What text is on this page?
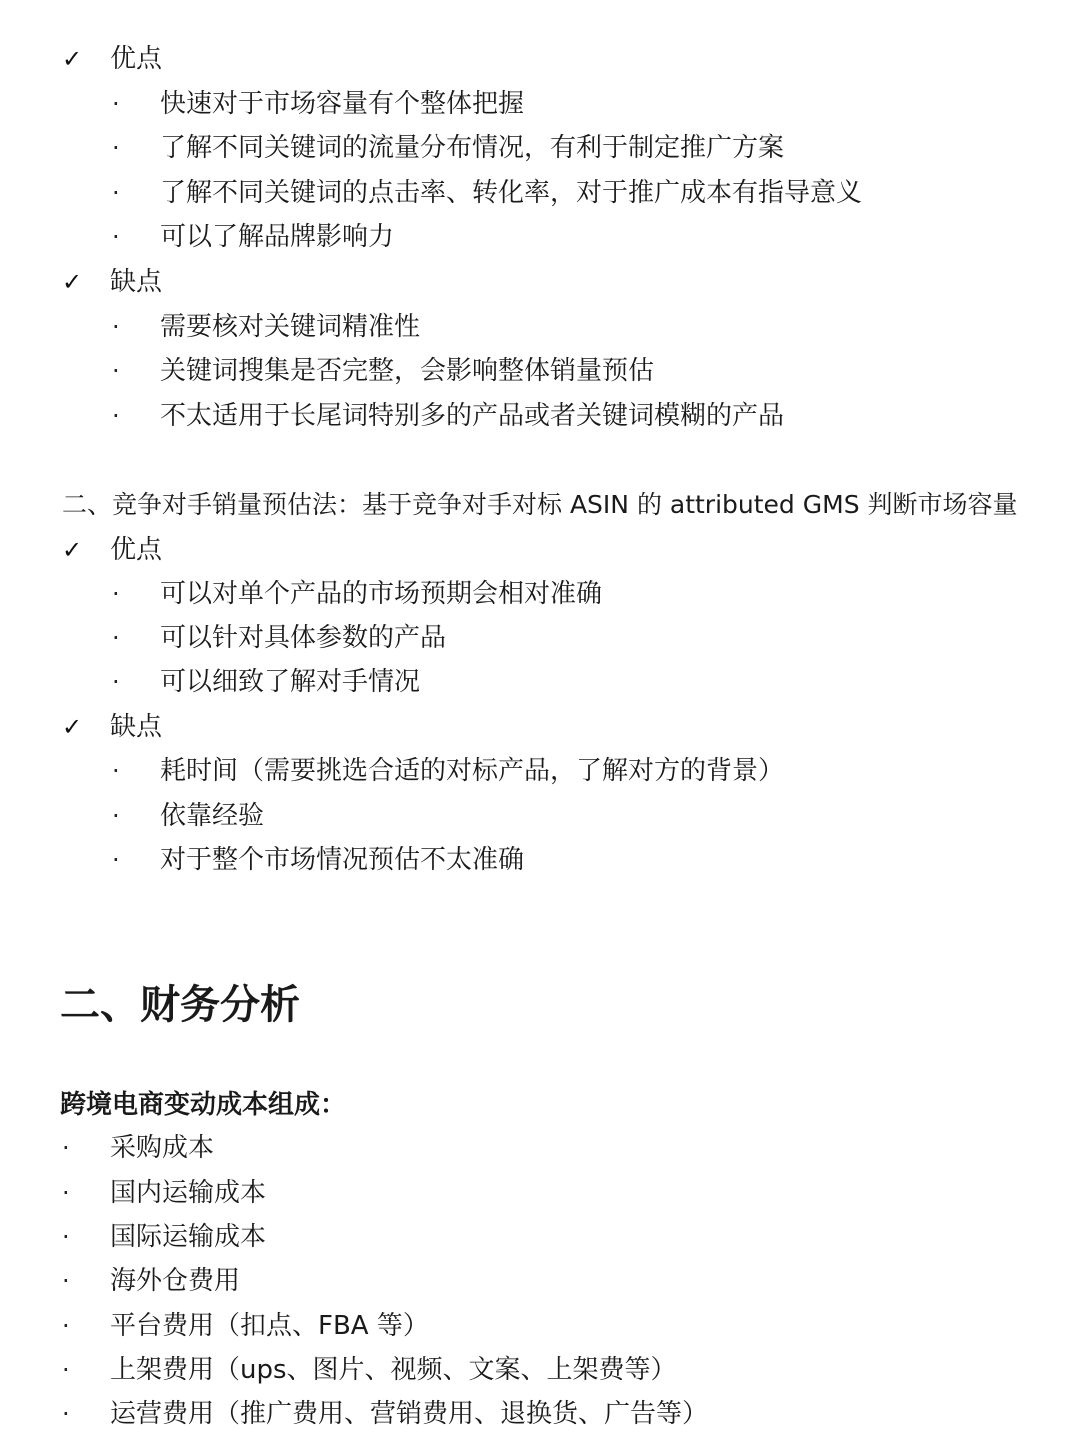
✓ 优点
· 快速对于市场容量有个整体把握
· 了解不同关键词的流量分布情况，有利于制定推广方案
· 了解不同关键词的点击率、转化率，对于推广成本有指导意义
· 可以了解品牌影响力
✓ 缺点
· 需要核对关键词精准性
· 关键词搜集是否完整，会影响整体销量预估
· 不太适用于长尾词特别多的产品或者关键词模糊的产品
二、竞争对手销量预估法：基于竞争对手对标 ASIN 的 attributed GMS 判断市场容量
✓ 优点
· 可以对单个产品的市场预期会相对准确
· 可以针对具体参数的产品
· 可以细致了解对手情况
✓ 缺点
· 耗时间（需要挑选合适的对标产品，了解对方的背景）
· 依靠经验
· 对于整个市场情况预估不太准确
二、财务分析
跨境电商变动成本组成：
· 采购成本
· 国内运输成本
· 国际运输成本
· 海外仓费用
· 平台费用（扣点、FBA 等）
· 上架费用（ups、图片、视频、文案、上架费等）
· 运营费用（推广费用、营销费用、退换货、广告等）
